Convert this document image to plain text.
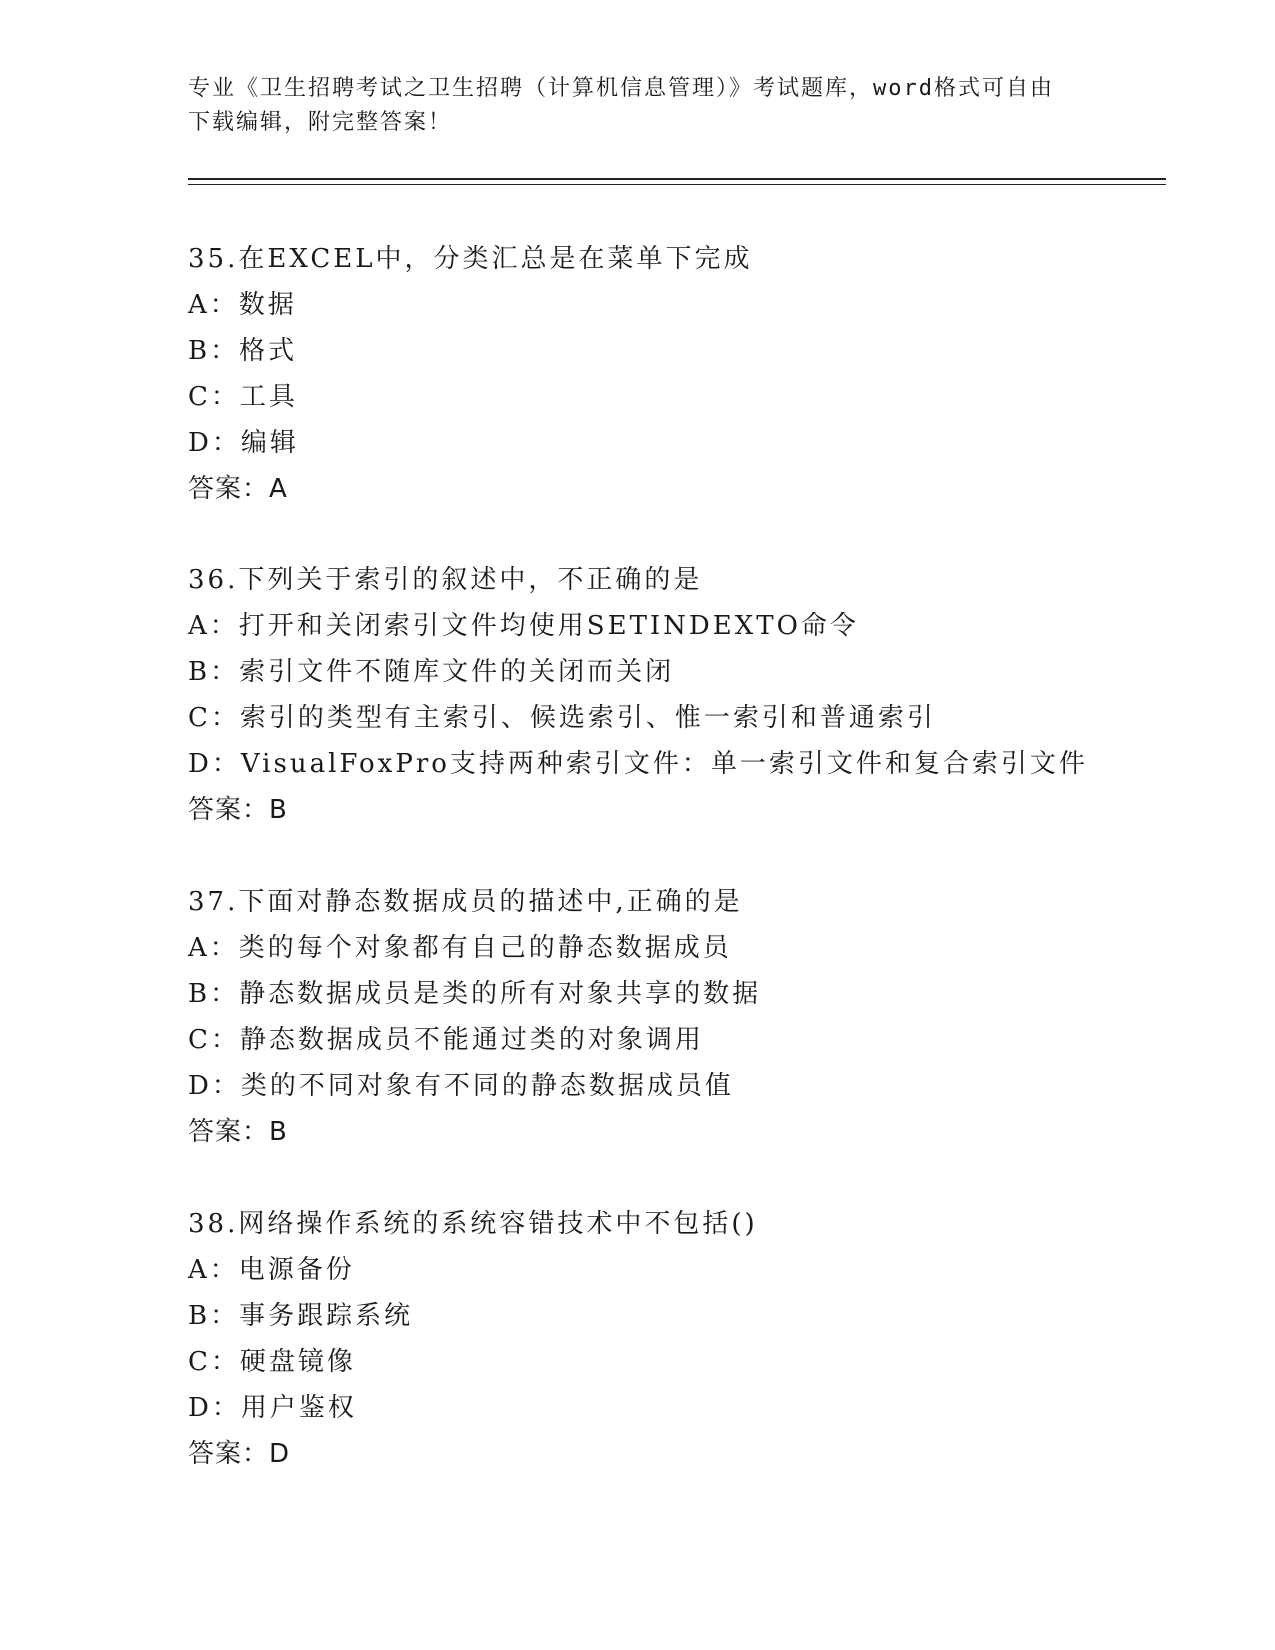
专业《卫生招聘考试之卫生招聘（计算机信息管理）》考试题库，word格式可自由下载编辑，附完整答案！
35.在EXCEL中，分类汇总是在菜单下完成
A：数据
B：格式
C：工具
D：编辑
答案：A
36.下列关于索引的叙述中，不正确的是
A：打开和关闭索引文件均使用SETINDEXTO命令
B：索引文件不随库文件的关闭而关闭
C：索引的类型有主索引、候选索引、惟一索引和普通索引
D：VisualFoxPro支持两种索引文件：单一索引文件和复合索引文件
答案：B
37.下面对静态数据成员的描述中,正确的是
A：类的每个对象都有自己的静态数据成员
B：静态数据成员是类的所有对象共享的数据
C：静态数据成员不能通过类的对象调用
D：类的不同对象有不同的静态数据成员值
答案：B
38.网络操作系统的系统容错技术中不包括()
A：电源备份
B：事务跟踪系统
C：硬盘镜像
D：用户鉴权
答案：D
